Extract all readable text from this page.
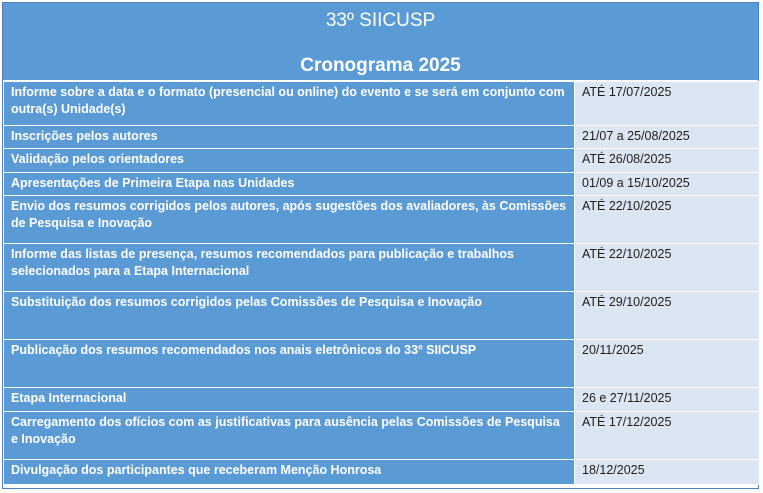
33º SIICUSP
Cronograma 2025
Informe sobre a data e o formato (presencial ou online) do evento e se será em conjunto com outra(s) Unidade(s)	ATÉ 17/07/2025
Inscrições pelos autores	21/07 a 25/08/2025
Validação pelos orientadores	ATÉ 26/08/2025
Apresentações de Primeira Etapa nas Unidades	01/09 a 15/10/2025
Envio dos resumos corrigidos pelos autores, após sugestões dos avaliadores, às Comissões de Pesquisa e Inovação	ATÉ 22/10/2025
Informe das listas de presença, resumos recomendados para publicação e trabalhos selecionados para a Etapa Internacional	ATÉ 22/10/2025
Substituição dos resumos corrigidos pelas Comissões de Pesquisa e Inovação	ATÉ 29/10/2025
Publicação dos resumos recomendados nos anais eletrônicos do 33º SIICUSP	20/11/2025
Etapa Internacional	26 e 27/11/2025
Carregamento dos ofícios com as justificativas para ausência pelas Comissões de Pesquisa e Inovação	ATÉ 17/12/2025
Divulgação dos participantes que receberam Menção Honrosa	18/12/2025
